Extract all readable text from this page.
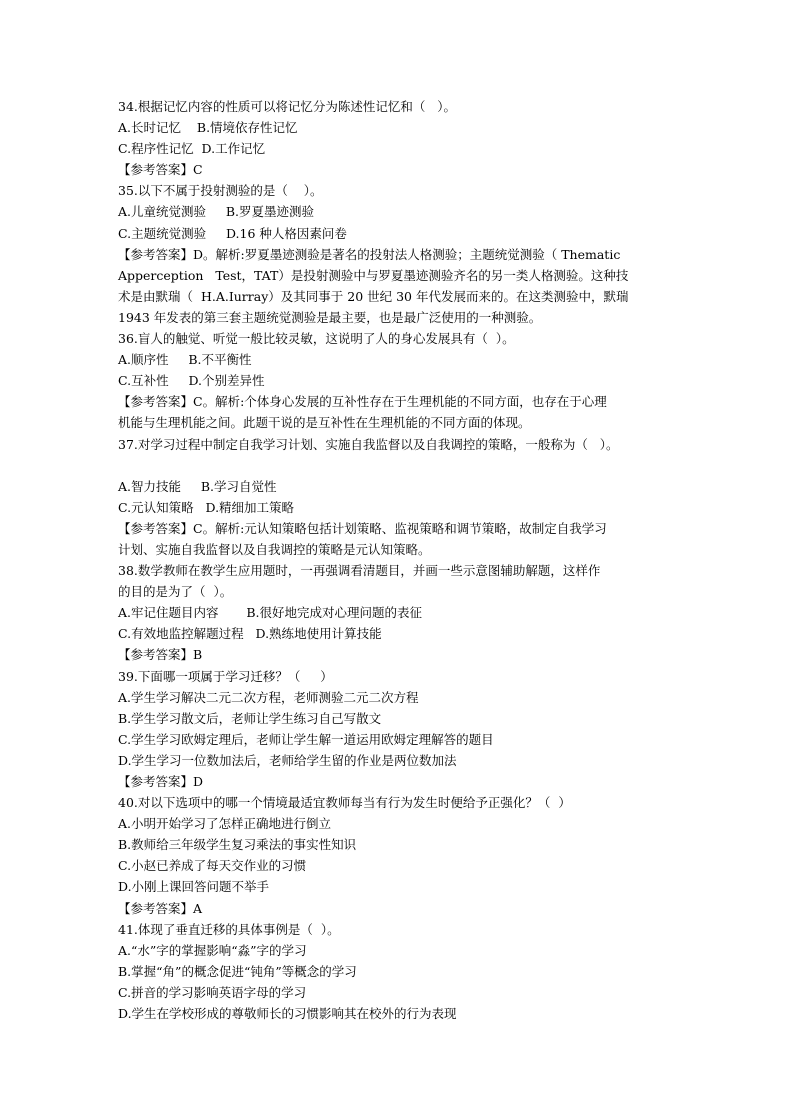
34.根据记忆内容的性质可以将记忆分为陈述性记忆和（   ）。
A.长时记忆    B.情境依存性记忆
C.程序性记忆  D.工作记忆
【参考答案】C
35.以下不属于投射测验的是（    ）。
A.儿童统觉测验     B.罗夏墨迹测验
C.主题统觉测验     D.16 种人格因素问卷
【参考答案】D。解析:罗夏墨迹测验是著名的投射法人格测验；主题统觉测验（ Thematic
Apperception   Test，TAT）是投射测验中与罗夏墨迹测验齐名的另一类人格测验。这种技
术是由默瑞（  H.A.Iurray）及其同事于 20 世纪 30 年代发展而来的。在这类测验中，默瑞
1943 年发表的第三套主题统觉测验是最主要，也是最广泛使用的一种测验。
36.盲人的触觉、听觉一般比较灵敏，这说明了人的身心发展具有（  ）。
A.顺序性     B.不平衡性
C.互补性     D.个别差异性
【参考答案】C。解析:个体身心发展的互补性存在于生理机能的不同方面，也存在于心理
机能与生理机能之间。此题干说的是互补性在生理机能的不同方面的体现。
37.对学习过程中制定自我学习计划、实施自我监督以及自我调控的策略，一般称为（   ）。
A.智力技能     B.学习自觉性
C.元认知策略   D.精细加工策略
【参考答案】C。解析:元认知策略包括计划策略、监视策略和调节策略，故制定自我学习
计划、实施自我监督以及自我调控的策略是元认知策略。
38.数学教师在教学生应用题时，一再强调看清题目，并画一些示意图辅助解题，这样作
的目的是为了（  ）。
A.牢记住题目内容       B.很好地完成对心理问题的表征
C.有效地监控解题过程   D.熟练地使用计算技能
【参考答案】B
39.下面哪一项属于学习迁移？（     ）
A.学生学习解决二元二次方程，老师测验二元二次方程
B.学生学习散文后，老师让学生练习自己写散文
C.学生学习欧姆定理后，老师让学生解一道运用欧姆定理解答的题目
D.学生学习一位数加法后，老师给学生留的作业是两位数加法
【参考答案】D
40.对以下选项中的哪一个情境最适宜教师每当有行为发生时便给予正强化？（  ）
A.小明开始学习了怎样正确地进行倒立
B.教师给三年级学生复习乘法的事实性知识
C.小赵已养成了每天交作业的习惯
D.小刚上课回答问题不举手
【参考答案】A
41.体现了垂直迁移的具体事例是（  ）。
A.“水”字的掌握影响“淼”字的学习
B.掌握“角”的概念促进“钝角”等概念的学习
C.拼音的学习影响英语字母的学习
D.学生在学校形成的尊敬师长的习惯影响其在校外的行为表现
